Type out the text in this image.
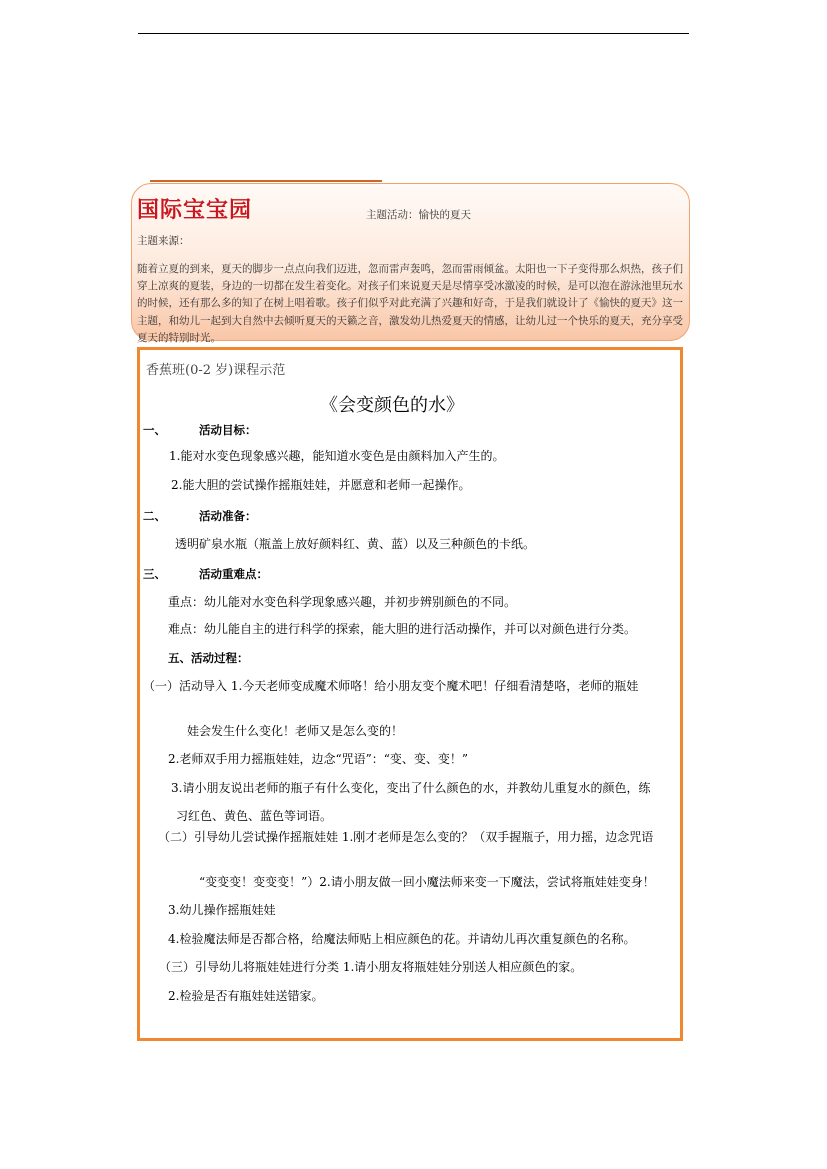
国际宝宝园	主题活动：愉快的夏天
主题来源：
随着立夏的到来，夏天的脚步一点点向我们迈进，忽而雷声轰鸣，忽而雷雨倾盆。太阳也一下子变得那么炽热，孩子们穿上凉爽的夏装，身边的一切都在发生着变化。对孩子们来说夏天是尽情享受冰激凌的时候，是可以泡在游泳池里玩水的时候，还有那么多的知了在树上唱着歌。孩子们似乎对此充满了兴趣和好奇，于是我们就设计了《愉快的夏天》这一主题，和幼儿一起到大自然中去倾听夏天的天籁之音，激发幼儿热爱夏天的情感，让幼儿过一个快乐的夏天，充分享受夏天的特别时光。
香蕉班(0-2 岁)课程示范
《会变颜色的水》
一、	活动目标：
1.能对水变色现象感兴趣，能知道水变色是由颜料加入产生的。
2.能大胆的尝试操作摇瓶娃娃，并愿意和老师一起操作。
二、	活动准备：
透明矿泉水瓶（瓶盖上放好颜料红、黄、蓝）以及三种颜色的卡纸。
三、	活动重难点：
重点：幼儿能对水变色科学现象感兴趣，并初步辨别颜色的不同。
难点：幼儿能自主的进行科学的探索，能大胆的进行活动操作，并可以对颜色进行分类。
五、活动过程：
（一）活动导入 1.今天老师变成魔术师咯！给小朋友变个魔术吧！仔细看清楚咯，老师的瓶娃
娃会发生什么变化！老师又是怎么变的！
2.老师双手用力摇瓶娃娃，边念“咒语”：“变、变、变！”
3.请小朋友说出老师的瓶子有什么变化，变出了什么颜色的水，并教幼儿重复水的颜色，练
习红色、黄色、蓝色等词语。
（二）引导幼儿尝试操作摇瓶娃娃 1.刚才老师是怎么变的？（双手握瓶子，用力摇，边念咒语
“变变变！变变变！”）2.请小朋友做一回小魔法师来变一下魔法，尝试将瓶娃娃变身！
3.幼儿操作摇瓶娃娃
4.检验魔法师是否都合格，给魔法师贴上相应颜色的花。并请幼儿再次重复颜色的名称。
（三）引导幼儿将瓶娃娃进行分类 1.请小朋友将瓶娃娃分别送人相应颜色的家。
2.检验是否有瓶娃娃送错家。
